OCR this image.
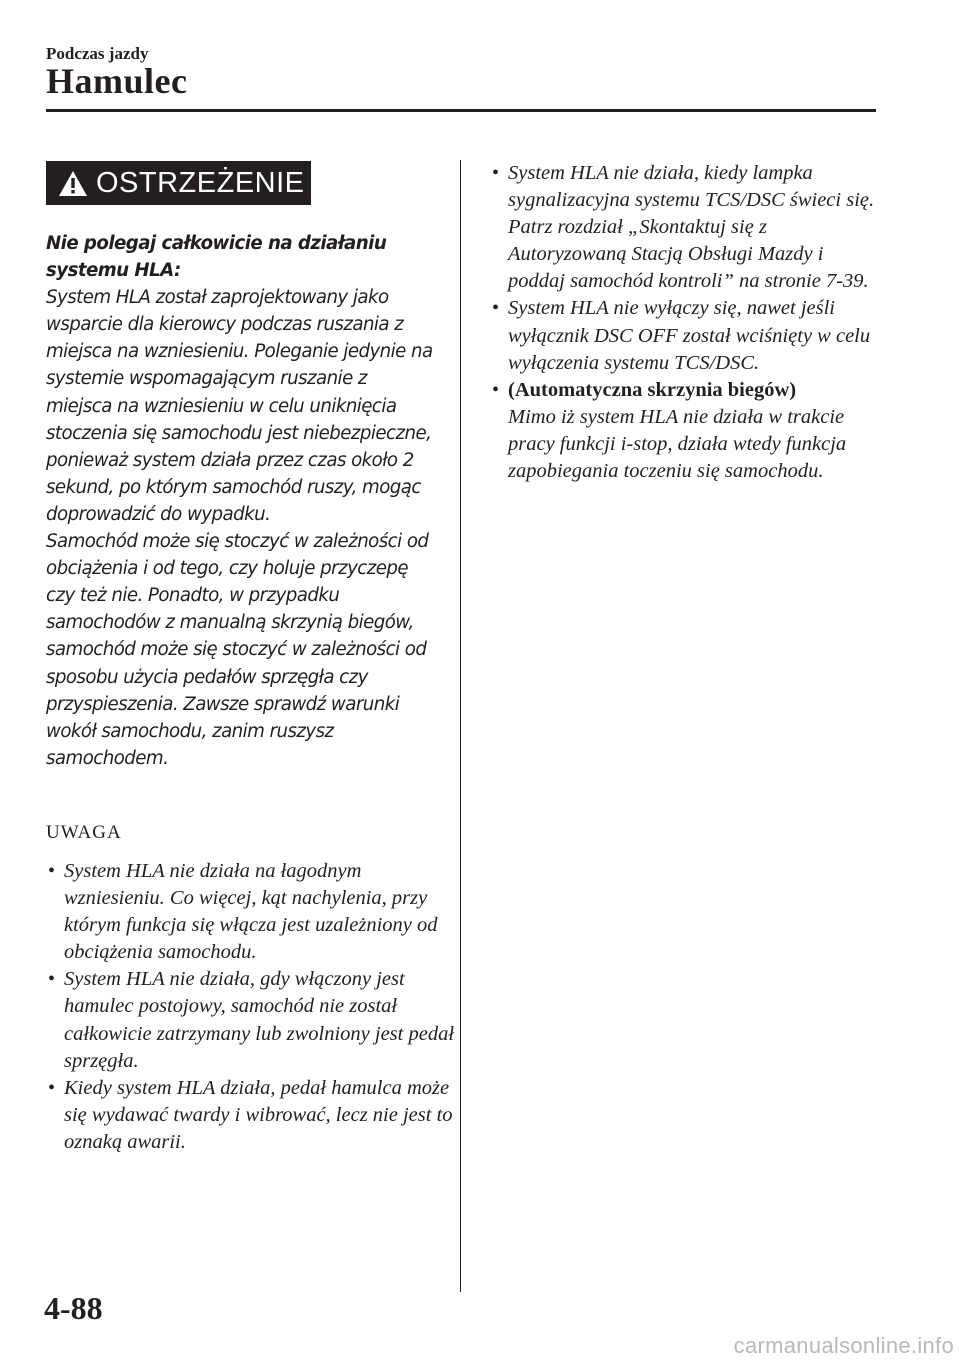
Podczas jazdy
Hamulec
OSTRZEŻENIE

Nie polegaj całkowicie na działaniu systemu HLA:

System HLA został zaprojektowany jako wsparcie dla kierowcy podczas ruszania z miejsca na wzniesieniu. Poleganie jedynie na systemie wspomagającym ruszanie z miejsca na wzniesieniu w celu uniknięcia stoczenia się samochodu jest niebezpieczne, ponieważ system działa przez czas około 2 sekund, po którym samochód ruszy, mogąc doprowadzić do wypadku.

Samochód może się stoczyć w zależności od obciążenia i od tego, czy holuje przyczepę czy też nie. Ponadto, w przypadku samochodów z manualną skrzynią biegów, samochód może się stoczyć w zależności od sposobu użycia pedałów sprzęgła czy przyspieszenia. Zawsze sprawdź warunki wokół samochodu, zanim ruszysz samochodem.

UWAGA
• System HLA nie działa na łagodnym wzniesieniu. Co więcej, kąt nachylenia, przy którym funkcja się włącza jest uzależniony od obciążenia samochodu.
• System HLA nie działa, gdy włączony jest hamulec postojowy, samochód nie został całkowicie zatrzymany lub zwolniony jest pedał sprzęgła.
• Kiedy system HLA działa, pedał hamulca może się wydawać twardy i wibrować, lecz nie jest to oznaką awarii.
• System HLA nie działa, kiedy lampka sygnalizacyjna systemu TCS/DSC świeci się.
Patrz rozdział „Skontaktuj się z Autoryzowaną Stacją Obsługi Mazdy i poddaj samochód kontroli” na stronie 7-39.
• System HLA nie wyłączy się, nawet jeśli wyłącznik DSC OFF został wciśnięty w celu wyłączenia systemu TCS/DSC.
• (Automatyczna skrzynia biegów)
Mimo iż system HLA nie działa w trakcie pracy funkcji i-stop, działa wtedy funkcja zapobiegania toczeniu się samochodu.
4-88
carmanualsonline.info
